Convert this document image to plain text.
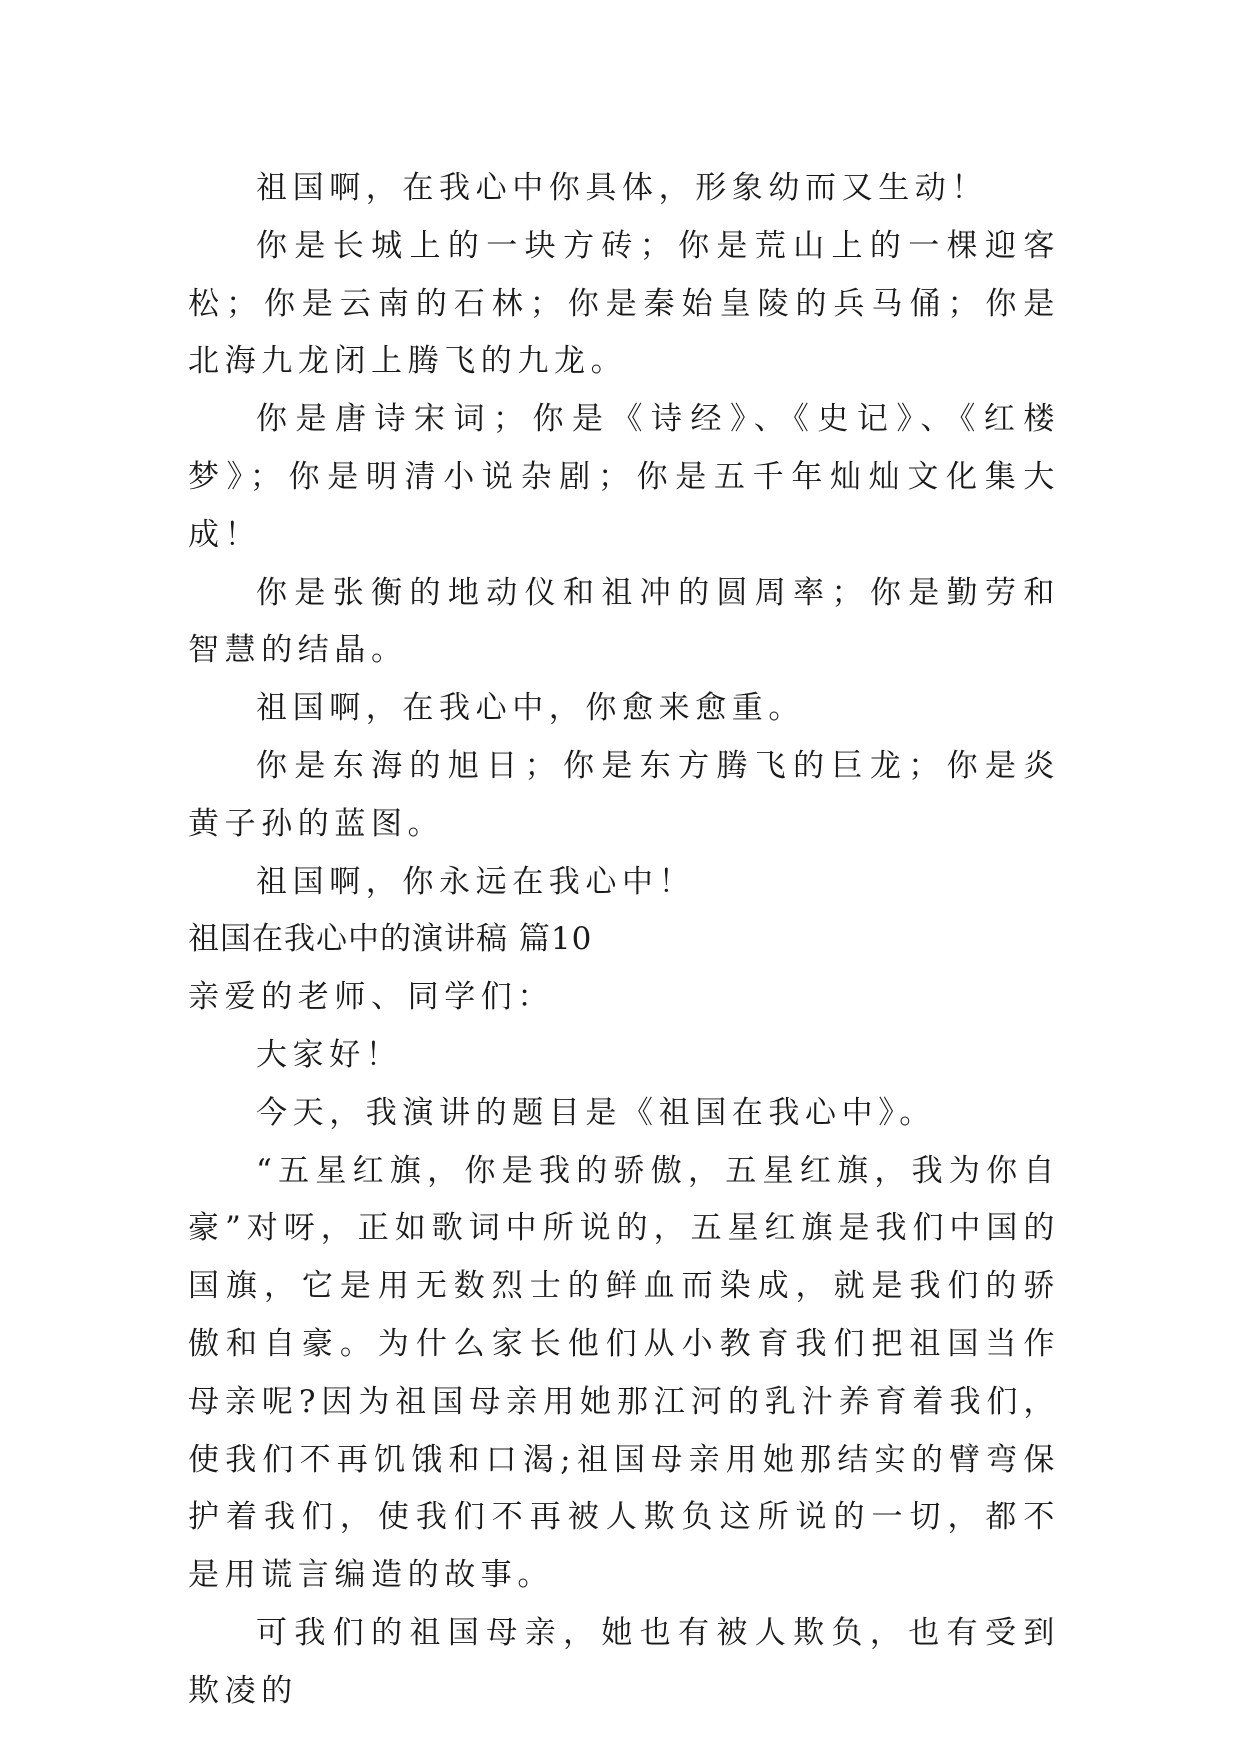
祖国啊，在我心中你具体，形象幼而又生动！

你是长城上的一块方砖；你是荒山上的一棵迎客松；你是云南的石林；你是秦始皇陵的兵马俑；你是北海九龙闭上腾飞的九龙。

你是唐诗宋词；你是《诗经》、《史记》、《红楼梦》；你是明清小说杂剧；你是五千年灿灿文化集大成！

你是张衡的地动仪和祖冲的圆周率；你是勤劳和智慧的结晶。

祖国啊，在我心中，你愈来愈重。

你是东海的旭日；你是东方腾飞的巨龙；你是炎黄子孙的蓝图。

祖国啊，你永远在我心中！

祖国在我心中的演讲稿 篇10

亲爱的老师、同学们：

大家好！

今天，我演讲的题目是《祖国在我心中》。

“五星红旗，你是我的骄傲，五星红旗，我为你自豪”对呀，正如歌词中所说的，五星红旗是我们中国的国旗，它是用无数烈士的鲜血而染成，就是我们的骄傲和自豪。为什么家长他们从小教育我们把祖国当作母亲呢?因为祖国母亲用她那江河的乳汁养育着我们，使我们不再饥饿和口渴;祖国母亲用她那结实的臂弯保护着我们，使我们不再被人欺负这所说的一切，都不是用谎言编造的故事。

可我们的祖国母亲，她也有被人欺负，也有受到欺凌的
